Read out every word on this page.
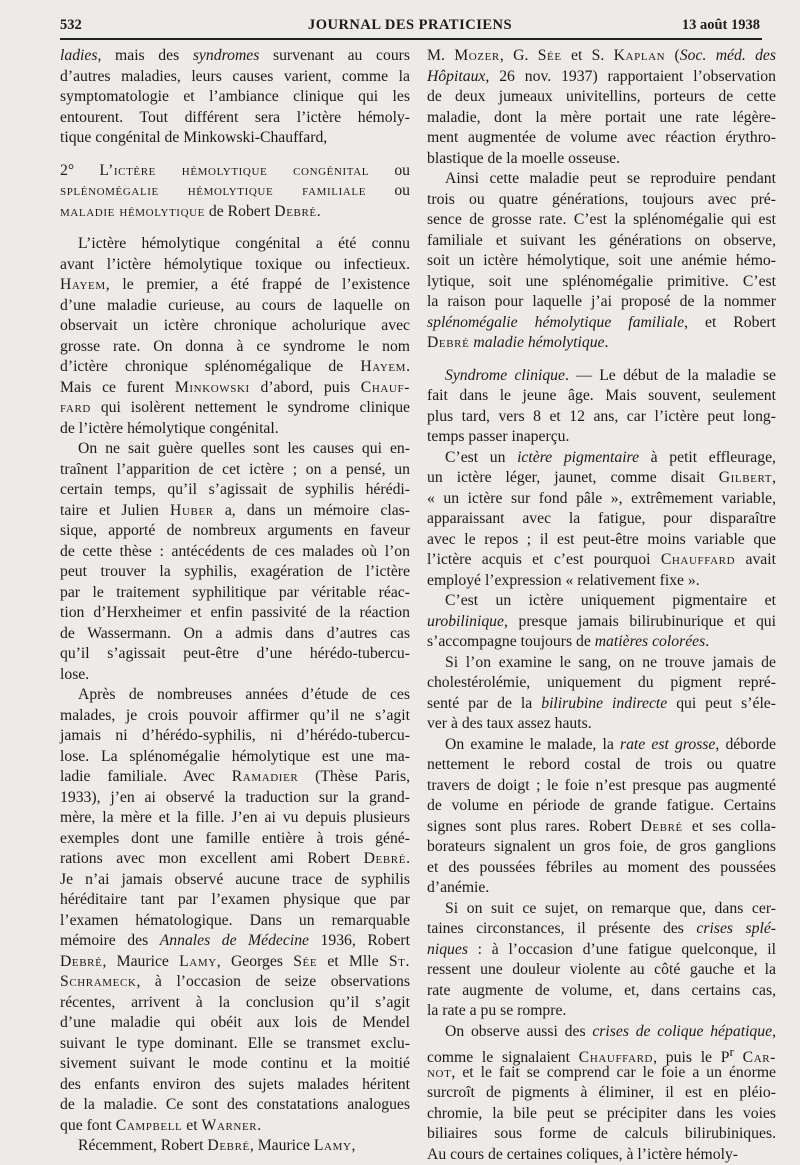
532	JOURNAL DES PRATICIENS	13 août 1938
ladies, mais des syndromes survenant au cours
d’autres maladies, leurs causes varient, comme la
symptomatologie et l’ambiance clinique qui les
entourent. Tout différent sera l’ictère hémoly-
tique congénital de Minkowski-Chauffard,
2° L’ictère hémolytique congénital ou
splénomégalie hémolytique familiale ou
maladie hémolytique de Robert Debré.
L’ictère hémolytique congénital a été connu
avant l’ictère hémolytique toxique ou infectieux.
Hayem, le premier, a été frappé de l’existence
d’une maladie curieuse, au cours de laquelle on
observait un ictère chronique acholurique avec
grosse rate. On donna à ce syndrome le nom
d’ictère chronique splénomégalique de Hayem.
Mais ce furent Minkowski d’abord, puis Chauf-
fard qui isolèrent nettement le syndrome clinique
de l’ictère hémolytique congénital.
On ne sait guère quelles sont les causes qui en-
traînent l’apparition de cet ictère ; on a pensé, un
certain temps, qu’il s’agissait de syphilis hérédi-
taire et Julien Huber a, dans un mémoire clas-
sique, apporté de nombreux arguments en faveur
de cette thèse : antécédents de ces malades où l’on
peut trouver la syphilis, exagération de l’ictère
par le traitement syphilitique par véritable réac-
tion d’Herxheimer et enfin passivité de la réaction
de Wassermann. On a admis dans d’autres cas
qu’il s’agissait peut-être d’une hérédo-tubercu-
lose.
Après de nombreuses années d’étude de ces
malades, je crois pouvoir affirmer qu’il ne s’agit
jamais ni d’hérédo-syphilis, ni d’hérédo-tubercu-
lose. La splénomégalie hémolytique est une ma-
ladie familiale. Avec Ramadier (Thèse Paris,
1933), j’en ai observé la traduction sur la grand-
mère, la mère et la fille. J’en ai vu depuis plusieurs
exemples dont une famille entière à trois géné-
rations avec mon excellent ami Robert Debré.
Je n’ai jamais observé aucune trace de syphilis
héréditaire tant par l’examen physique que par
l’examen hématologique. Dans un remarquable
mémoire des Annales de Médecine 1936, Robert
Debré, Maurice Lamy, Georges Sée et Mlle St.
Schrameck, à l’occasion de seize observations
récentes, arrivent à la conclusion qu’il s’agit
d’une maladie qui obéit aux lois de Mendel
suivant le type dominant. Elle se transmet exclu-
sivement suivant le mode continu et la moitié
des enfants environ des sujets malades héritent
de la maladie. Ce sont des constatations analogues
que font Campbell et Warner.
Récemment, Robert Debré, Maurice Lamy,
M. Mozer, G. Sée et S. Kaplan (Soc. méd. des
Hôpitaux, 26 nov. 1937) rapportaient l’observation
de deux jumeaux univitellins, porteurs de cette
maladie, dont la mère portait une rate légère-
ment augmentée de volume avec réaction érythro-
blastique de la moelle osseuse.
Ainsi cette maladie peut se reproduire pendant
trois ou quatre générations, toujours avec pré-
sence de grosse rate. C’est la splénomégalie qui est
familiale et suivant les générations on observe,
soit un ictère hémolytique, soit une anémie hémo-
lytique, soit une splénomégalie primitive. C’est
la raison pour laquelle j’ai proposé de la nommer
splénomégalie hémolytique familiale, et Robert
Debré maladie hémolytique.
Syndrome clinique. — Le début de la maladie se
fait dans le jeune âge. Mais souvent, seulement
plus tard, vers 8 et 12 ans, car l’ictère peut long-
temps passer inaperçu.
C’est un ictère pigmentaire à petit effleurage,
un ictère léger, jaunet, comme disait Gilbert,
« un ictère sur fond pâle », extrêmement variable,
apparaissant avec la fatigue, pour disparaître
avec le repos ; il est peut-être moins variable que
l’ictère acquis et c’est pourquoi Chauffard avait
employé l’expression « relativement fixe ».
C’est un ictère uniquement pigmentaire et
urobilinique, presque jamais bilirubinurique et qui
s’accompagne toujours de matières colorées.
Si l’on examine le sang, on ne trouve jamais de
cholestérolémie, uniquement du pigment repré-
senté par de la bilirubine indirecte qui peut s’éle-
ver à des taux assez hauts.
On examine le malade, la rate est grosse, déborde
nettement le rebord costal de trois ou quatre
travers de doigt ; le foie n’est presque pas augmenté
de volume en période de grande fatigue. Certains
signes sont plus rares. Robert Debré et ses colla-
borateurs signalent un gros foie, de gros ganglions
et des poussées fébriles au moment des poussées
d’anémie.
Si on suit ce sujet, on remarque que, dans cer-
taines circonstances, il présente des crises splé-
niques : à l’occasion d’une fatigue quelconque, il
ressent une douleur violente au côté gauche et la
rate augmente de volume, et, dans certains cas,
la rate a pu se rompre.
On observe aussi des crises de colique hépatique,
comme le signalaient Chauffard, puis le $P^r$ Car-
not, et le fait se comprend car le foie a un énorme
surcroît de pigments à éliminer, il est en pléio-
chromie, la bile peut se précipiter dans les voies
biliaires sous forme de calculs bilirubiniques.
Au cours de certaines coliques, à l’ictère hémoly-
